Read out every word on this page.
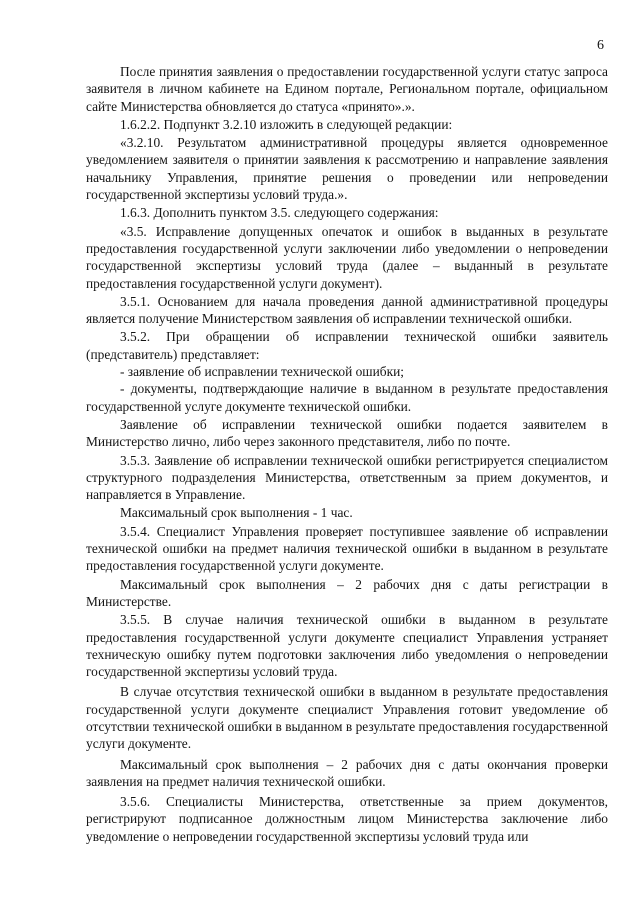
6

После принятия заявления о предоставлении государственной услуги статус запроса заявителя в личном кабинете на Едином портале, Региональном портале, официальном сайте Министерства обновляется до статуса «принято».».

1.6.2.2. Подпункт 3.2.10 изложить в следующей редакции:

«3.2.10. Результатом административной процедуры является одновременное уведомлением заявителя о принятии заявления к рассмотрению и направление заявления начальнику Управления, принятие решения о проведении или непроведении государственной экспертизы условий труда.».

1.6.3. Дополнить пунктом 3.5. следующего содержания:

«3.5. Исправление допущенных опечаток и ошибок в выданных в результате предоставления государственной услуги заключении либо уведомлении о непроведении государственной экспертизы условий труда (далее – выданный в результате предоставления государственной услуги документ).

3.5.1. Основанием для начала проведения данной административной процедуры является получение Министерством заявления об исправлении технической ошибки.

3.5.2. При обращении об исправлении технической ошибки заявитель (представитель) представляет:

- заявление об исправлении технической ошибки;

- документы, подтверждающие наличие в выданном в результате предоставления государственной услуге документе технической ошибки.

Заявление об исправлении технической ошибки подается заявителем в Министерство лично, либо через законного представителя, либо по почте.

3.5.3. Заявление об исправлении технической ошибки регистрируется специалистом структурного подразделения Министерства, ответственным за прием документов, и направляется в Управление.

Максимальный срок выполнения - 1 час.

3.5.4. Специалист Управления проверяет поступившее заявление об исправлении технической ошибки на предмет наличия технической ошибки в выданном в результате предоставления государственной услуги документе.

Максимальный срок выполнения – 2 рабочих дня с даты регистрации в Министерстве.

3.5.5. В случае наличия технической ошибки в выданном в результате предоставления государственной услуги документе специалист Управления устраняет техническую ошибку путем подготовки заключения либо уведомления о непроведении государственной экспертизы условий труда.

В случае отсутствия технической ошибки в выданном в результате предоставления государственной услуги документе специалист Управления готовит уведомление об отсутствии технической ошибки в выданном в результате предоставления государственной услуги документе.

Максимальный срок выполнения – 2 рабочих дня с даты окончания проверки заявления на предмет наличия технической ошибки.

3.5.6. Специалисты Министерства, ответственные за прием документов, регистрируют подписанное должностным лицом Министерства заключение либо уведомление о непроведении государственной экспертизы условий труда или
